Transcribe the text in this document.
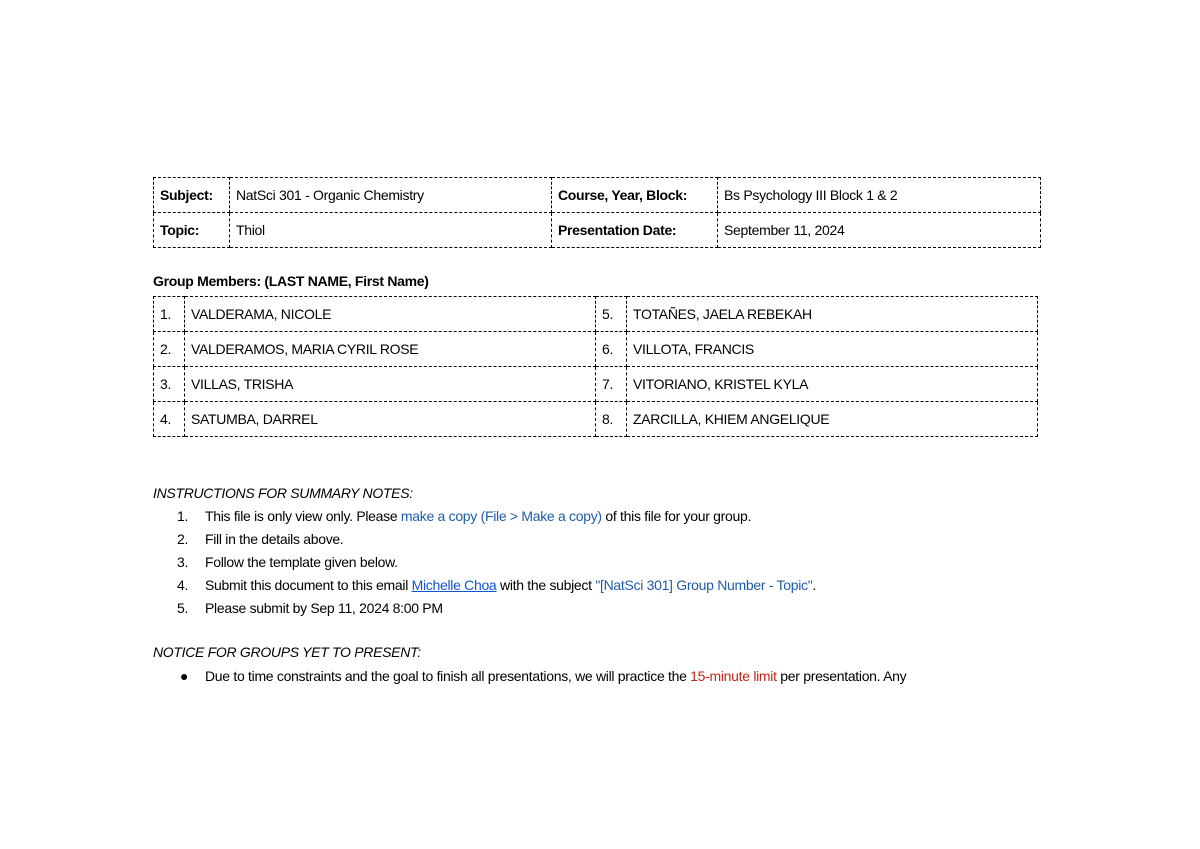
Subject:	NatSci 301 - Organic Chemistry	Course, Year, Block:	Bs Psychology III Block 1 & 2
Topic:	Thiol	Presentation Date:	September 11, 2024
Group Members: (LAST NAME, First Name)
1.	VALDERAMA, NICOLE	5.	TOTAÑES, JAELA REBEKAH
2.	VALDERAMOS, MARIA CYRIL ROSE	6.	VILLOTA, FRANCIS
3.	VILLAS, TRISHA	7.	VITORIANO, KRISTEL KYLA
4.	SATUMBA, DARREL	8.	ZARCILLA, KHIEM ANGELIQUE
INSTRUCTIONS FOR SUMMARY NOTES:
1. This file is only view only. Please make a copy (File > Make a copy) of this file for your group.
2. Fill in the details above.
3. Follow the template given below.
4. Submit this document to this email Michelle Choa with the subject "[NatSci 301] Group Number - Topic".
5. Please submit by Sep 11, 2024 8:00 PM
NOTICE FOR GROUPS YET TO PRESENT:
● Due to time constraints and the goal to finish all presentations, we will practice the 15-minute limit per presentation. Any
